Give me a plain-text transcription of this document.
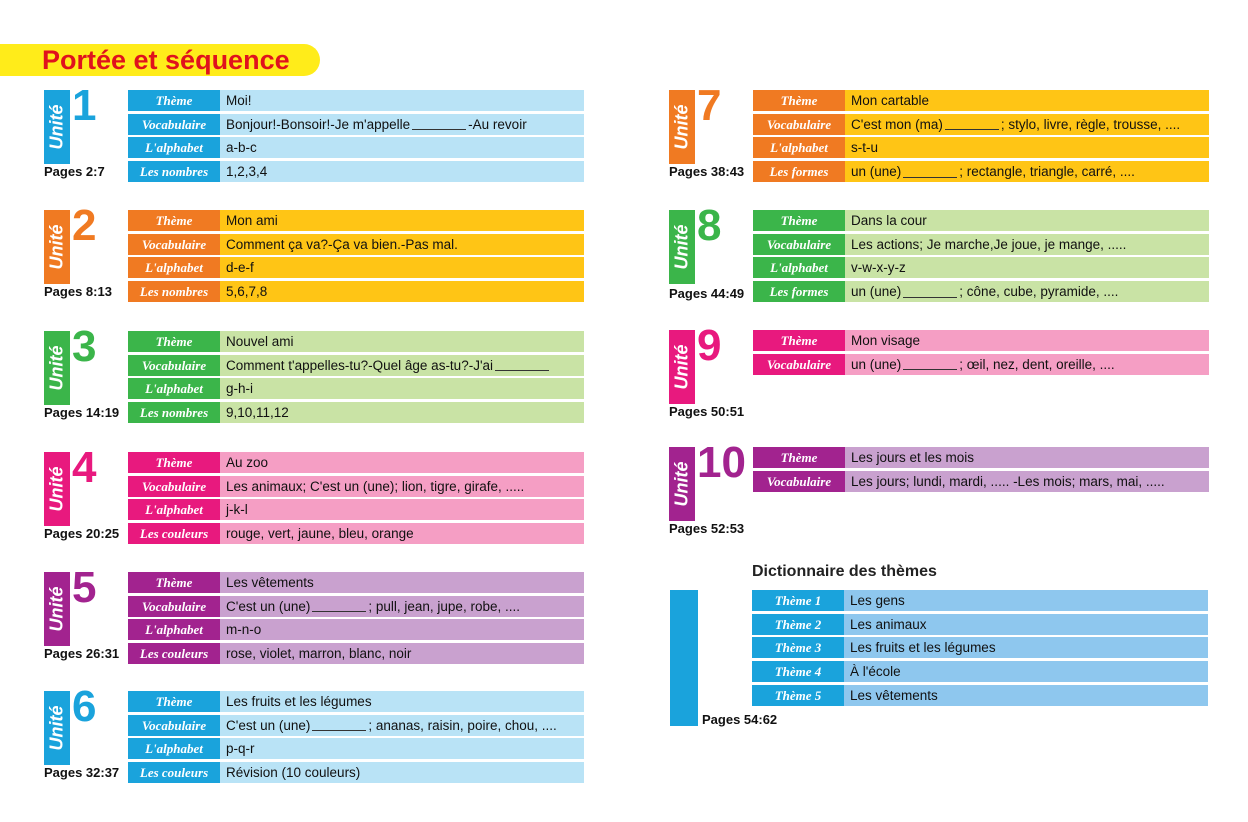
Portée et séquence
Unité 1
Pages 2:7
Thème	Moi!
Vocabulaire	Bonjour!-Bonsoir!-Je m'appelle	-Au revoir
L'alphabet	a-b-c
Les nombres	1,2,3,4
Unité 2
Pages 8:13
Thème	Mon ami
Vocabulaire	Comment ça va?-Ça va bien.-Pas mal.
L'alphabet	d-e-f
Les nombres	5,6,7,8
Unité 3
Pages 14:19
Thème	Nouvel ami
Vocabulaire	Comment t'appelles-tu?-Quel âge as-tu?-J'ai
L'alphabet	g-h-i
Les nombres	9,10,11,12
Unité 4
Pages 20:25
Thème	Au zoo
Vocabulaire	Les animaux; C'est un (une); lion, tigre, girafe, .....
L'alphabet	j-k-l
Les couleurs	rouge, vert, jaune, bleu, orange
Unité 5
Pages 26:31
Thème	Les vêtements
Vocabulaire	C'est un (une)	; pull, jean, jupe, robe, ....
L'alphabet	m-n-o
Les couleurs	rose, violet, marron, blanc, noir
Unité 6
Pages 32:37
Thème	Les fruits et les légumes
Vocabulaire	C'est un (une)	; ananas, raisin, poire, chou, ....
L'alphabet	p-q-r
Les couleurs	Révision (10 couleurs)
Unité 7
Pages 38:43
Thème	Mon cartable
Vocabulaire	C'est mon (ma)	; stylo, livre, règle, trousse, ....
L'alphabet	s-t-u
Les formes	un (une)	; rectangle, triangle, carré, ....
Unité 8
Pages 44:49
Thème	Dans la cour
Vocabulaire	Les actions; Je marche,Je joue, je mange, .....
L'alphabet	v-w-x-y-z
Les formes	un (une)	; cône, cube, pyramide, ....
Unité 9
Pages 50:51
Thème	Mon visage
Vocabulaire	un (une)	; œil, nez, dent, oreille, ....
Unité 10
Pages 52:53
Thème	Les jours et les mois
Vocabulaire	Les jours; lundi, mardi, ..... -Les mois; mars, mai, .....
Dictionnaire des thèmes
Thème 1	Les gens
Thème 2	Les animaux
Thème 3	Les fruits et les légumes
Thème 4	À l'école
Thème 5	Les vêtements
Pages 54:62
